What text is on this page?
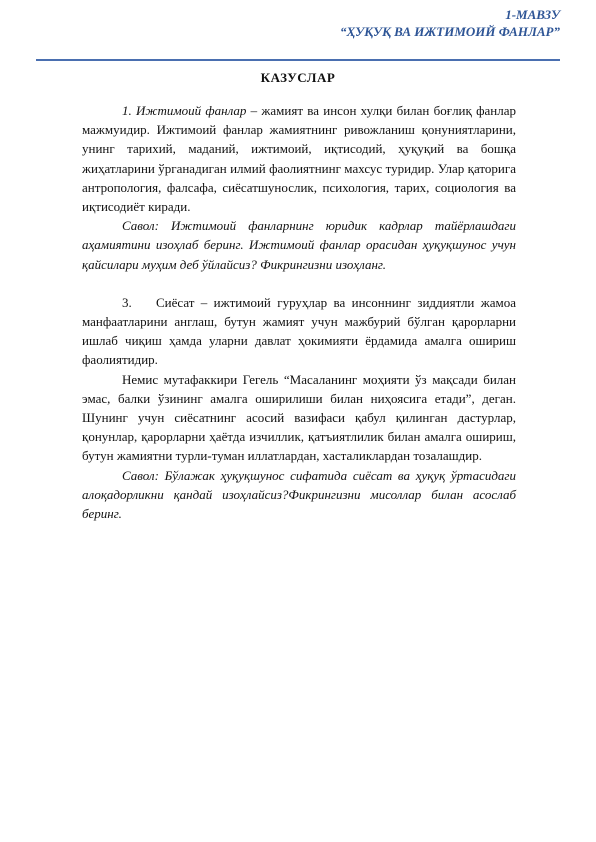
1-МАВЗУ
“ҲУҚУҚ ВА ИЖТИМОИЙ ФАНЛАР”
КАЗУСЛАР

1. Ижтимоий фанлар – жамият ва инсон хулқи билан боғлиқ фанлар мажмуидир. Ижтимоий фанлар жамиятнинг ривожланиш қонуниятларини, унинг тарихий, маданий, ижтимоий, иқтисодий, ҳуқуқий ва бошқа жиҳатларини ўрганадиган илмий фаолиятнинг махсус туридир. Улар қаторига антропология, фалсафа, сиёсатшунослик, психология, тарих, социология ва иқтисодиёт киради.

Савол: Ижтимоий фанларнинг юридик кадрлар тайёрлашдаги аҳамиятини изоҳлаб беринг. Ижтимоий фанлар орасидан ҳуқуқшунос учун қайсилари муҳим деб ўйлайсиз? Фикрингизни изоҳланг.

3. Сиёсат – ижтимоий гуруҳлар ва инсоннинг зиддиятли жамоа манфаатларини англаш, бутун жамият учун мажбурий бўлган қарорларни ишлаб чиқиш ҳамда уларни давлат ҳокимияти ёрдамида амалга ошириш фаолиятидир.

Немис мутафаккири Гегель “Масаланинг моҳияти ўз мақсади билан эмас, балки ўзининг амалга оширилиши билан ниҳоясига етади”, деган. Шунинг учун сиёсатнинг асосий вазифаси қабул қилинган дастурлар, қонунлар, қарорларни ҳаётда изчиллик, қатъиятлилик билан амалга ошириш, бутун жамиятни турли-туман иллатлардан, хасталиклардан тозалашдир.

Савол: Бўлажак ҳуқуқшунос сифатида сиёсат ва ҳуқуқ ўртасидаги алоқадорликни қандай изоҳлайсиз?Фикрингизни мисоллар билан асослаб беринг.
